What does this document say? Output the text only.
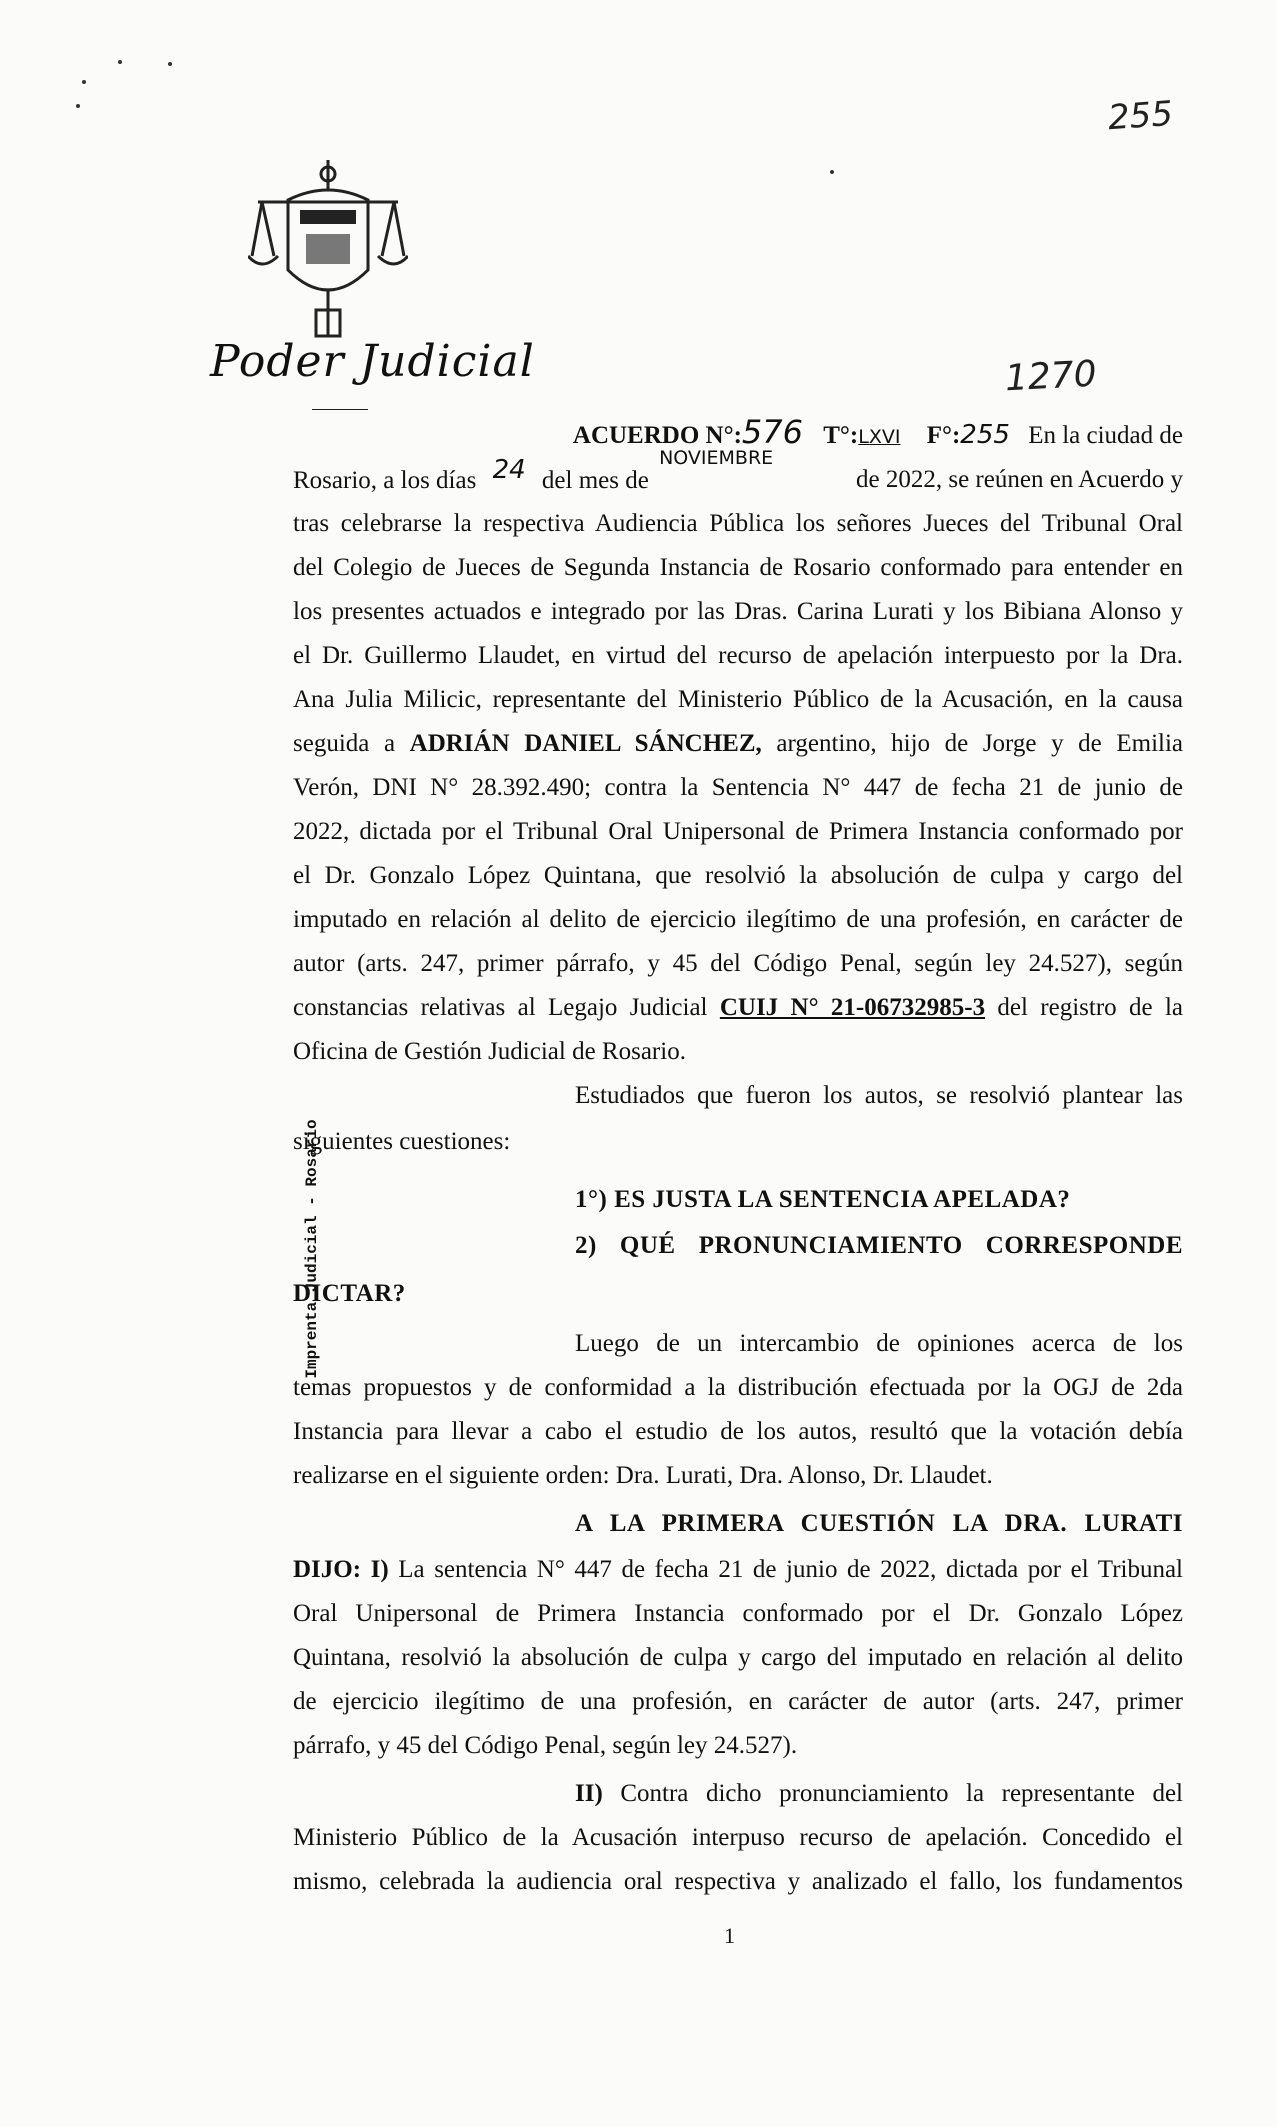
255
Poder Judicial	1270
Imprenta Judicial - Rosario
ACUERDO N°:576 T°:LXVI F°:255 En la ciudad de
Rosario, a los días 24 del mes de $^{NOVIEMBRE}$
de 2022, se reúnen en Acuerdo y
tras celebrarse la respectiva Audiencia Pública los señores Jueces del Tribunal Oral
del Colegio de Jueces de Segunda Instancia de Rosario conformado para entender en
los presentes actuados e integrado por las Dras. Carina Lurati y los Bibiana Alonso y
el Dr. Guillermo Llaudet, en virtud del recurso de apelación interpuesto por la Dra.
Ana Julia Milicic, representante del Ministerio Público de la Acusación, en la causa
seguida a ADRIÁN DANIEL SÁNCHEZ, argentino, hijo de Jorge y de Emilia
Verón, DNI N° 28.392.490; contra la Sentencia N° 447 de fecha 21 de junio de
2022, dictada por el Tribunal Oral Unipersonal de Primera Instancia conformado por
el Dr. Gonzalo López Quintana, que resolvió la absolución de culpa y cargo del
imputado en relación al delito de ejercicio ilegítimo de una profesión, en carácter de
autor (arts. 247, primer párrafo, y 45 del Código Penal, según ley 24.527), según
constancias relativas al Legajo Judicial CUIJ N° 21-06732985-3 del registro de la
Oficina de Gestión Judicial de Rosario.
Estudiados que fueron los autos, se resolvió plantear las
siguientes cuestiones:
1°) ES JUSTA LA SENTENCIA APELADA?
2) QUÉ PRONUNCIAMIENTO CORRESPONDE
DICTAR?
Luego de un intercambio de opiniones acerca de los
temas propuestos y de conformidad a la distribución efectuada por la OGJ de 2da
Instancia para llevar a cabo el estudio de los autos, resultó que la votación debía
realizarse en el siguiente orden: Dra. Lurati, Dra. Alonso, Dr. Llaudet.
A LA PRIMERA CUESTIÓN LA DRA. LURATI
DIJO: I) La sentencia N° 447 de fecha 21 de junio de 2022, dictada por el Tribunal
Oral Unipersonal de Primera Instancia conformado por el Dr. Gonzalo López
Quintana, resolvió la absolución de culpa y cargo del imputado en relación al delito
de ejercicio ilegítimo de una profesión, en carácter de autor (arts. 247, primer
párrafo, y 45 del Código Penal, según ley 24.527).
II) Contra dicho pronunciamiento la representante del
Ministerio Público de la Acusación interpuso recurso de apelación. Concedido el
mismo, celebrada la audiencia oral respectiva y analizado el fallo, los fundamentos
1
